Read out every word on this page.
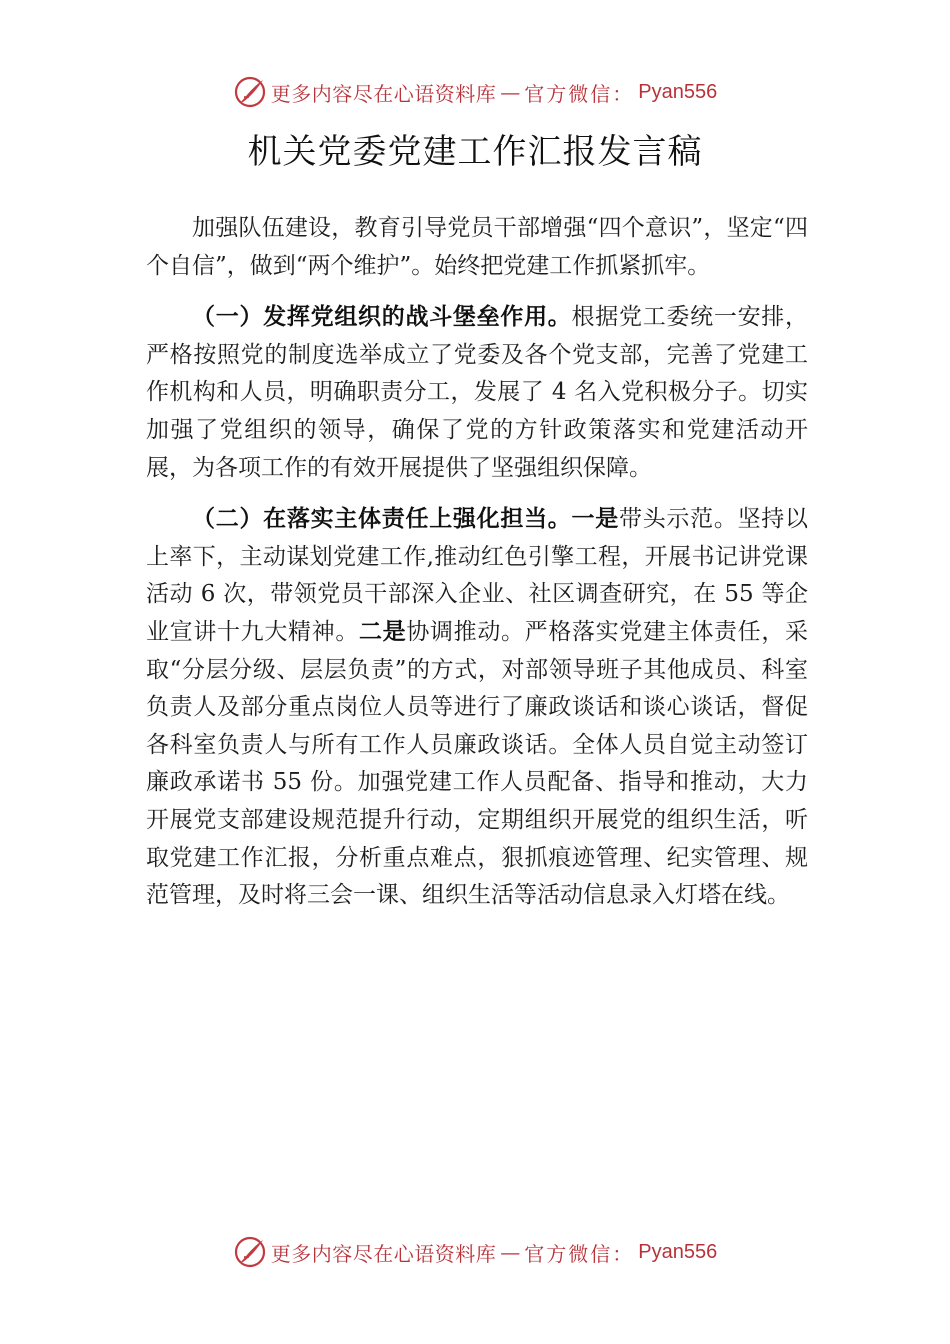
更多内容尽在心语资料库 — 官方微信： Pyan556
机关党委党建工作汇报发言稿

加强队伍建设，教育引导党员干部增强“四个意识”，坚定“四个自信”，做到“两个维护”。始终把党建工作抓紧抓牢。

（一）发挥党组织的战斗堡垒作用。根据党工委统一安排，严格按照党的制度选举成立了党委及各个党支部，完善了党建工作机构和人员，明确职责分工，发展了 4 名入党积极分子。切实加强了党组织的领导，确保了党的方针政策落实和党建活动开展，为各项工作的有效开展提供了坚强组织保障。

（二）在落实主体责任上强化担当。一是带头示范。坚持以上率下，主动谋划党建工作,推动红色引擎工程，开展书记讲党课活动 6 次，带领党员干部深入企业、社区调查研究，在 55 等企业宣讲十九大精神。二是协调推动。严格落实党建主体责任，采取“分层分级、层层负责”的方式，对部领导班子其他成员、科室负责人及部分重点岗位人员等进行了廉政谈话和谈心谈话，督促各科室负责人与所有工作人员廉政谈话。全体人员自觉主动签订廉政承诺书 55 份。加强党建工作人员配备、指导和推动，大力开展党支部建设规范提升行动，定期组织开展党的组织生活，听取党建工作汇报，分析重点难点，狠抓痕迹管理、纪实管理、规范管理，及时将三会一课、组织生活等活动信息录入灯塔在线。

更多内容尽在心语资料库 — 官方微信： Pyan556
